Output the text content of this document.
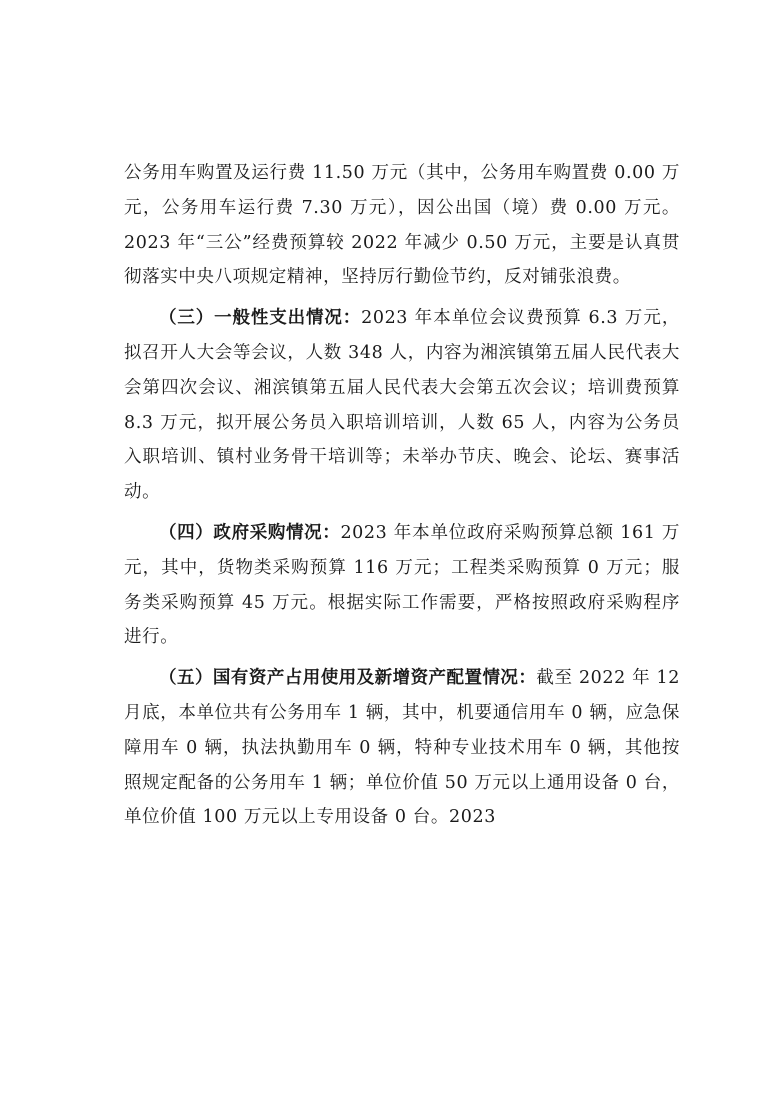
公务用车购置及运行费 11.50 万元（其中，公务用车购置费 0.00 万元，公务用车运行费 7.30 万元），因公出国（境）费 0.00 万元。2023 年“三公”经费预算较 2022 年减少 0.50 万元，主要是认真贯彻落实中央八项规定精神，坚持厉行勤俭节约，反对铺张浪费。

（三）一般性支出情况：2023 年本单位会议费预算 6.3 万元，拟召开人大会等会议，人数 348 人，内容为湘滨镇第五届人民代表大会第四次会议、湘滨镇第五届人民代表大会第五次会议；培训费预算 8.3 万元，拟开展公务员入职培训培训，人数 65 人，内容为公务员入职培训、镇村业务骨干培训等；未举办节庆、晚会、论坛、赛事活动。

（四）政府采购情况：2023 年本单位政府采购预算总额 161 万元，其中，货物类采购预算 116 万元；工程类采购预算 0 万元；服务类采购预算 45 万元。根据实际工作需要，严格按照政府采购程序进行。

（五）国有资产占用使用及新增资产配置情况：截至 2022 年 12 月底，本单位共有公务用车 1 辆，其中，机要通信用车 0 辆，应急保障用车 0 辆，执法执勤用车 0 辆，特种专业技术用车 0 辆，其他按照规定配备的公务用车 1 辆；单位价值 50 万元以上通用设备 0 台，单位价值 100 万元以上专用设备 0 台。2023
